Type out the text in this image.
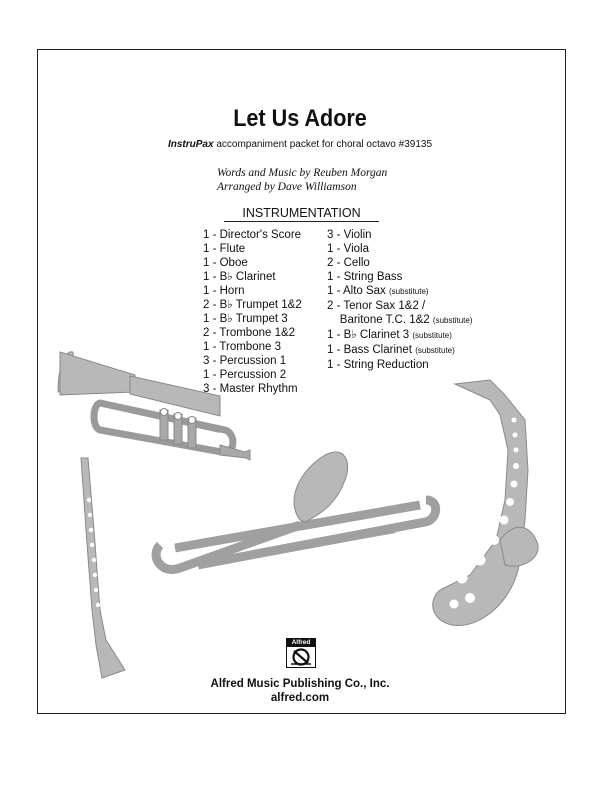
Let Us Adore
InstruPax accompaniment packet for choral octavo #39135
Words and Music by Reuben Morgan
Arranged by Dave Williamson
INSTRUMENTATION
1 - Director's Score
1 - Flute
1 - Oboe
1 - B♭ Clarinet
1 - Horn
2 - B♭ Trumpet 1&2
1 - B♭ Trumpet 3
2 - Trombone 1&2
1 - Trombone 3
3 - Percussion 1
1 - Percussion 2
3 - Master Rhythm
3 - Violin
1 - Viola
2 - Cello
1 - String Bass
1 - Alto Sax (substitute)
2 - Tenor Sax 1&2 /
Baritone T.C. 1&2 (substitute)
1 - B♭ Clarinet 3 (substitute)
1 - Bass Clarinet (substitute)
1 - String Reduction
Alfred
Alfred Music Publishing Co., Inc.
alfred.com
